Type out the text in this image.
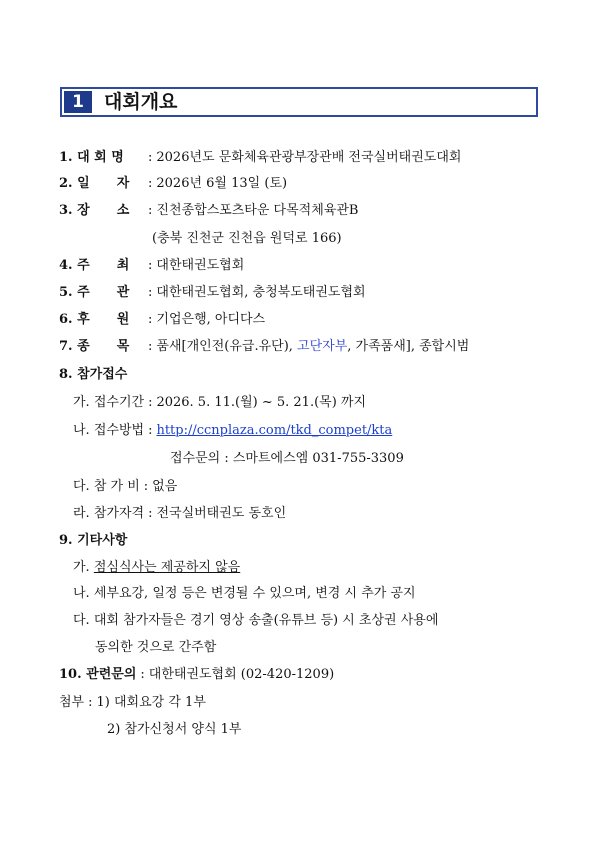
1	대회개요
1. 대 회 명 : 2026년도 문화체육관광부장관배 전국실버태권도대회
2. 일      자 : 2026년 6월 13일 (토)
3. 장      소 : 진천종합스포츠타운 다목적체육관B
(충북 진천군 진천읍 원덕로 166)
4. 주      최 : 대한태권도협회
5. 주      관 : 대한태권도협회, 충청북도태권도협회
6. 후      원 : 기업은행, 아디다스
7. 종      목 : 품새[개인전(유급.유단), 고단자부, 가족품새], 종합시범
8. 참가접수
가. 접수기간 : 2026. 5. 11.(월) ~ 5. 21.(목) 까지
나. 접수방법 : http://ccnplaza.com/tkd_compet/kta
접수문의 : 스마트에스엠 031-755-3309
다. 참 가 비 : 없음
라. 참가자격 : 전국실버태권도 동호인
9. 기타사항
가. 점심식사는 제공하지 않음
나. 세부요강, 일정 등은 변경될 수 있으며, 변경 시 추가 공지
다. 대회 참가자들은 경기 영상 송출(유튜브 등) 시 초상권 사용에
동의한 것으로 간주함
10. 관련문의 : 대한태권도협회 (02-420-1209)
첨부 : 1) 대회요강 각 1부
2) 참가신청서 양식 1부
